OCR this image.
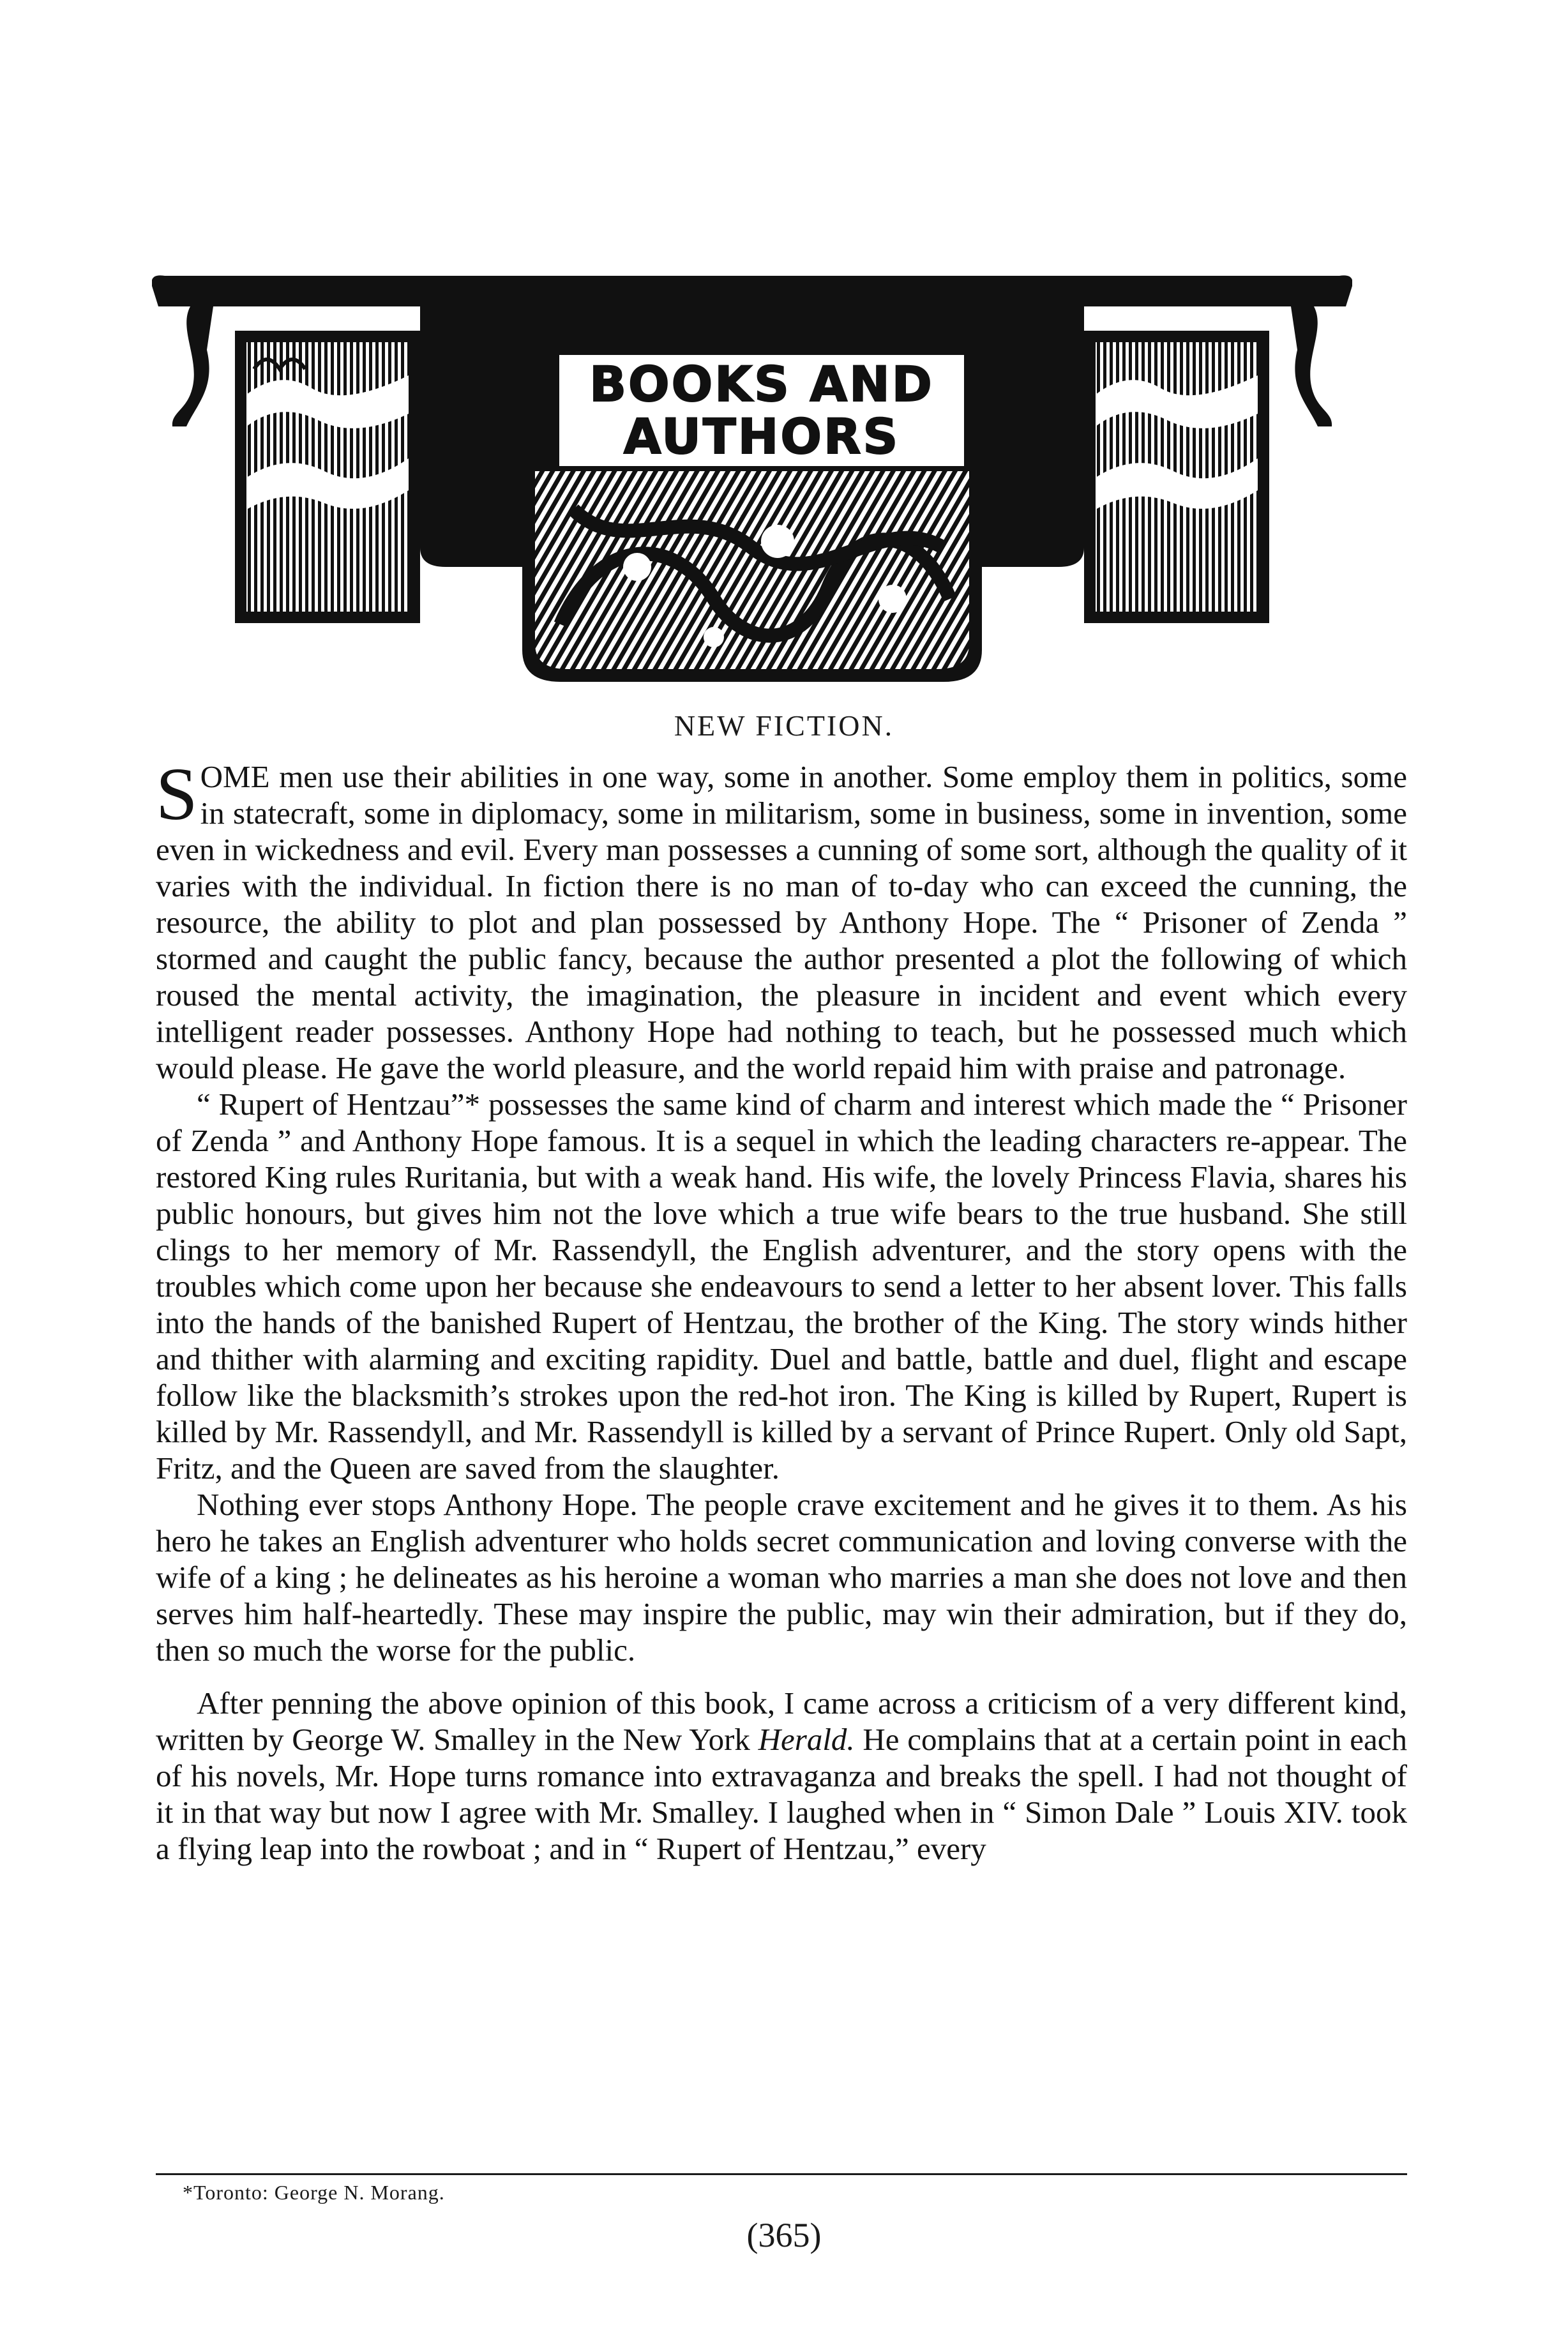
BOOKS AND
AUTHORS
NEW FICTION.

SOME men use their abilities in one way, some in another. Some employ them in politics, some in statecraft, some in diplomacy, some in militarism, some in business, some in invention, some even in wickedness and evil. Every man possesses a cunning of some sort, although the quality of it varies with the individual. In fiction there is no man of to-day who can exceed the cunning, the resource, the ability to plot and plan possessed by Anthony Hope. The “ Prisoner of Zenda ” stormed and caught the public fancy, because the author presented a plot the following of which roused the mental activity, the imagination, the pleasure in incident and event which every intelligent reader possesses. Anthony Hope had nothing to teach, but he possessed much which would please. He gave the world pleasure, and the world repaid him with praise and patronage.

“ Rupert of Hentzau”* possesses the same kind of charm and interest which made the “ Prisoner of Zenda ” and Anthony Hope famous. It is a sequel in which the leading characters re-appear. The restored King rules Ruritania, but with a weak hand. His wife, the lovely Princess Flavia, shares his public honours, but gives him not the love which a true wife bears to the true husband. She still clings to her memory of Mr. Rassendyll, the English adventurer, and the story opens with the troubles which come upon her because she endeavours to send a letter to her absent lover. This falls into the hands of the banished Rupert of Hentzau, the brother of the King. The story winds hither and thither with alarming and exciting rapidity. Duel and battle, battle and duel, flight and escape follow like the blacksmith’s strokes upon the red-hot iron. The King is killed by Rupert, Rupert is killed by Mr. Rassendyll, and Mr. Rassendyll is killed by a servant of Prince Rupert. Only old Sapt, Fritz, and the Queen are saved from the slaughter.

Nothing ever stops Anthony Hope. The people crave excitement and he gives it to them. As his hero he takes an English adventurer who holds secret communication and loving converse with the wife of a king ; he delineates as his heroine a woman who marries a man she does not love and then serves him half-heartedly. These may inspire the public, may win their admiration, but if they do, then so much the worse for the public.

After penning the above opinion of this book, I came across a criticism of a very different kind, written by George W. Smalley in the New York Herald. He complains that at a certain point in each of his novels, Mr. Hope turns romance into extravaganza and breaks the spell. I had not thought of it in that way but now I agree with Mr. Smalley. I laughed when in “ Simon Dale ” Louis XIV. took a flying leap into the rowboat ; and in “ Rupert of Hentzau,” every

*Toronto: George N. Morang.
(365)
